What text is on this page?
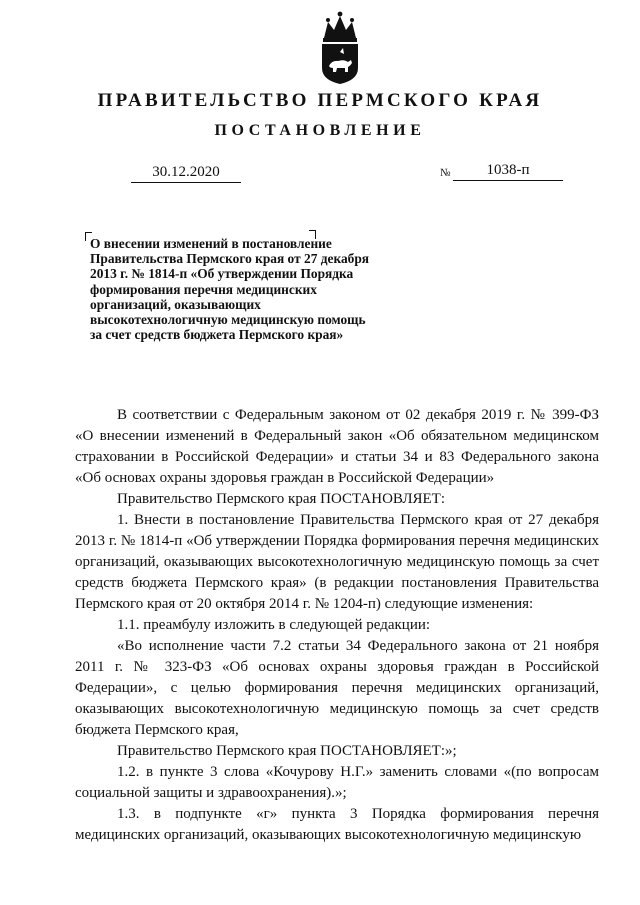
ПРАВИТЕЛЬСТВО ПЕРМСКОГО КРАЯ
ПОСТАНОВЛЕНИЕ
30.12.2020	№	1038-п
О внесении изменений в постановление Правительства Пермского края от 27 декабря 2013 г. № 1814-п «Об утверждении Порядка формирования перечня медицинских организаций, оказывающих высокотехнологичную медицинскую помощь за счет средств бюджета Пермского края»

В соответствии с Федеральным законом от 02 декабря 2019 г. № 399-ФЗ «О внесении изменений в Федеральный закон «Об обязательном медицинском страховании в Российской Федерации» и статьи 34 и 83 Федерального закона «Об основах охраны здоровья граждан в Российской Федерации»

Правительство Пермского края ПОСТАНОВЛЯЕТ:

1. Внести в постановление Правительства Пермского края от 27 декабря 2013 г. № 1814-п «Об утверждении Порядка формирования перечня медицинских организаций, оказывающих высокотехнологичную медицинскую помощь за счет средств бюджета Пермского края» (в редакции постановления Правительства Пермского края от 20 октября 2014 г. № 1204-п) следующие изменения:

1.1. преамбулу изложить в следующей редакции:

«Во исполнение части 7.2 статьи 34 Федерального закона от 21 ноября 2011 г. № 323-ФЗ «Об основах охраны здоровья граждан в Российской Федерации», с целью формирования перечня медицинских организаций, оказывающих высокотехнологичную медицинскую помощь за счет средств бюджета Пермского края,

Правительство Пермского края ПОСТАНОВЛЯЕТ:»;

1.2. в пункте 3 слова «Кочурову Н.Г.» заменить словами «(по вопросам социальной защиты и здравоохранения).»;

1.3. в подпункте «г» пункта 3 Порядка формирования перечня медицинских организаций, оказывающих высокотехнологичную медицинскую
